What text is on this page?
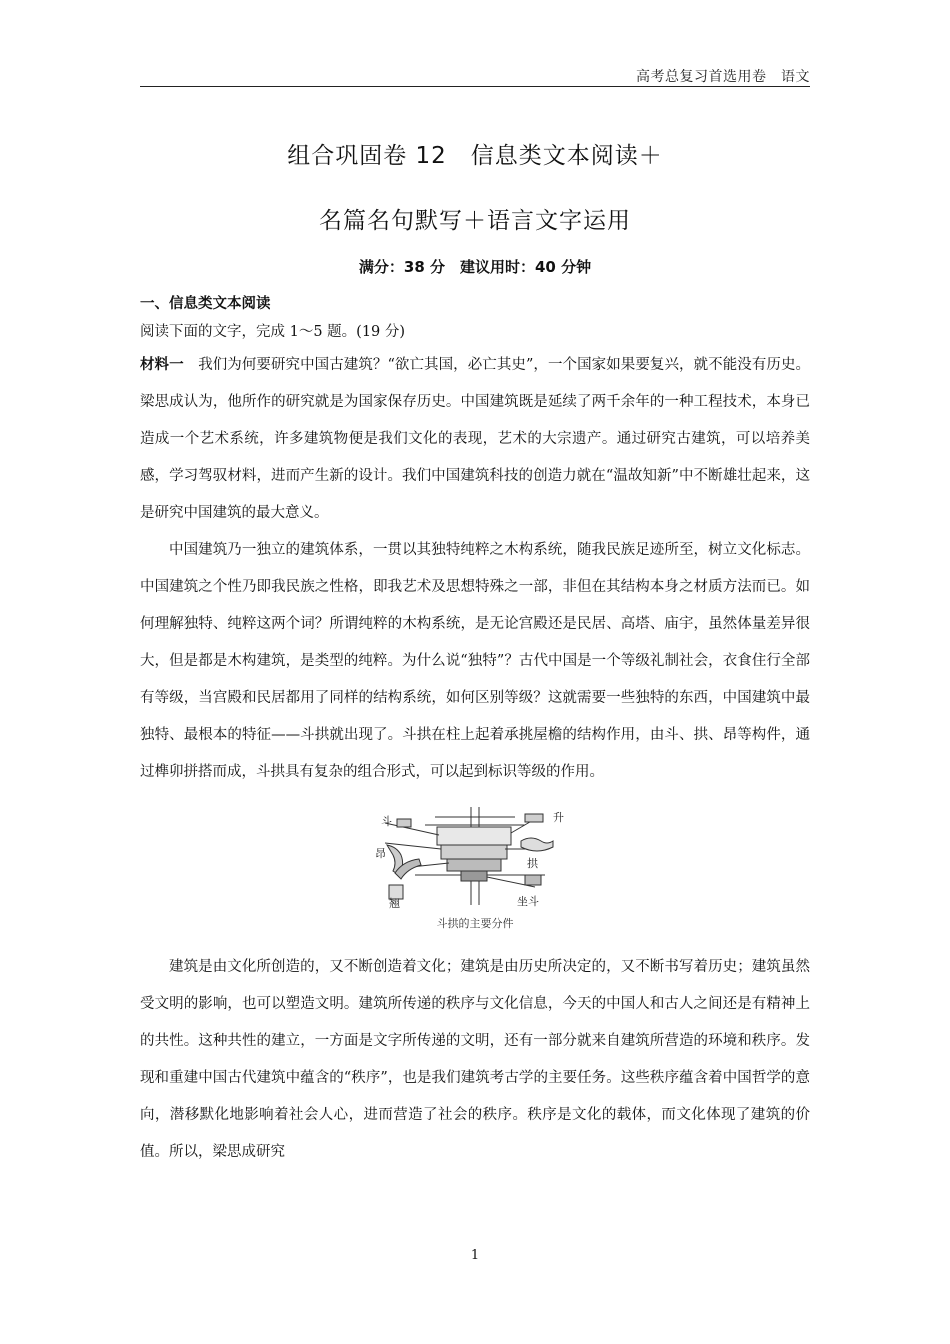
高考总复习首选用卷　语文
组合巩固卷 12　信息类文本阅读＋
名篇名句默写＋语言文字运用
满分：38 分　建议用时：40 分钟
一、信息类文本阅读
阅读下面的文字，完成 1～5 题。(19 分)

材料一 我们为何要研究中国古建筑？“欲亡其国，必亡其史”，一个国家如果要复兴，就不能没有历史。梁思成认为，他所作的研究就是为国家保存历史。中国建筑既是延续了两千余年的一种工程技术，本身已造成一个艺术系统，许多建筑物便是我们文化的表现，艺术的大宗遗产。通过研究古建筑，可以培养美感，学习驾驭材料，进而产生新的设计。我们中国建筑科技的创造力就在“温故知新”中不断雄壮起来，这是研究中国建筑的最大意义。

中国建筑乃一独立的建筑体系，一贯以其独特纯粹之木构系统，随我民族足迹所至，树立文化标志。中国建筑之个性乃即我民族之性格，即我艺术及思想特殊之一部，非但在其结构本身之材质方法而已。如何理解独特、纯粹这两个词？所谓纯粹的木构系统，是无论宫殿还是民居、高塔、庙宇，虽然体量差异很大，但是都是木构建筑，是类型的纯粹。为什么说“独特”？古代中国是一个等级礼制社会，衣食住行全部有等级，当宫殿和民居都用了同样的结构系统，如何区别等级？这就需要一些独特的东西，中国建筑中最独特、最根本的特征——斗拱就出现了。斗拱在柱上起着承挑屋檐的结构作用，由斗、拱、昂等构件，通过榫卯拼搭而成，斗拱具有复杂的组合形式，可以起到标识等级的作用。

斗	升
昂
拱
翘	坐斗
斗拱的主要分件

建筑是由文化所创造的，又不断创造着文化；建筑是由历史所决定的，又不断书写着历史；建筑虽然受文明的影响，也可以塑造文明。建筑所传递的秩序与文化信息，今天的中国人和古人之间还是有精神上的共性。这种共性的建立，一方面是文字所传递的文明，还有一部分就来自建筑所营造的环境和秩序。发现和重建中国古代建筑中蕴含的“秩序”，也是我们建筑考古学的主要任务。这些秩序蕴含着中国哲学的意向，潜移默化地影响着社会人心，进而营造了社会的秩序。秩序是文化的载体，而文化体现了建筑的价值。所以，梁思成研究

1
